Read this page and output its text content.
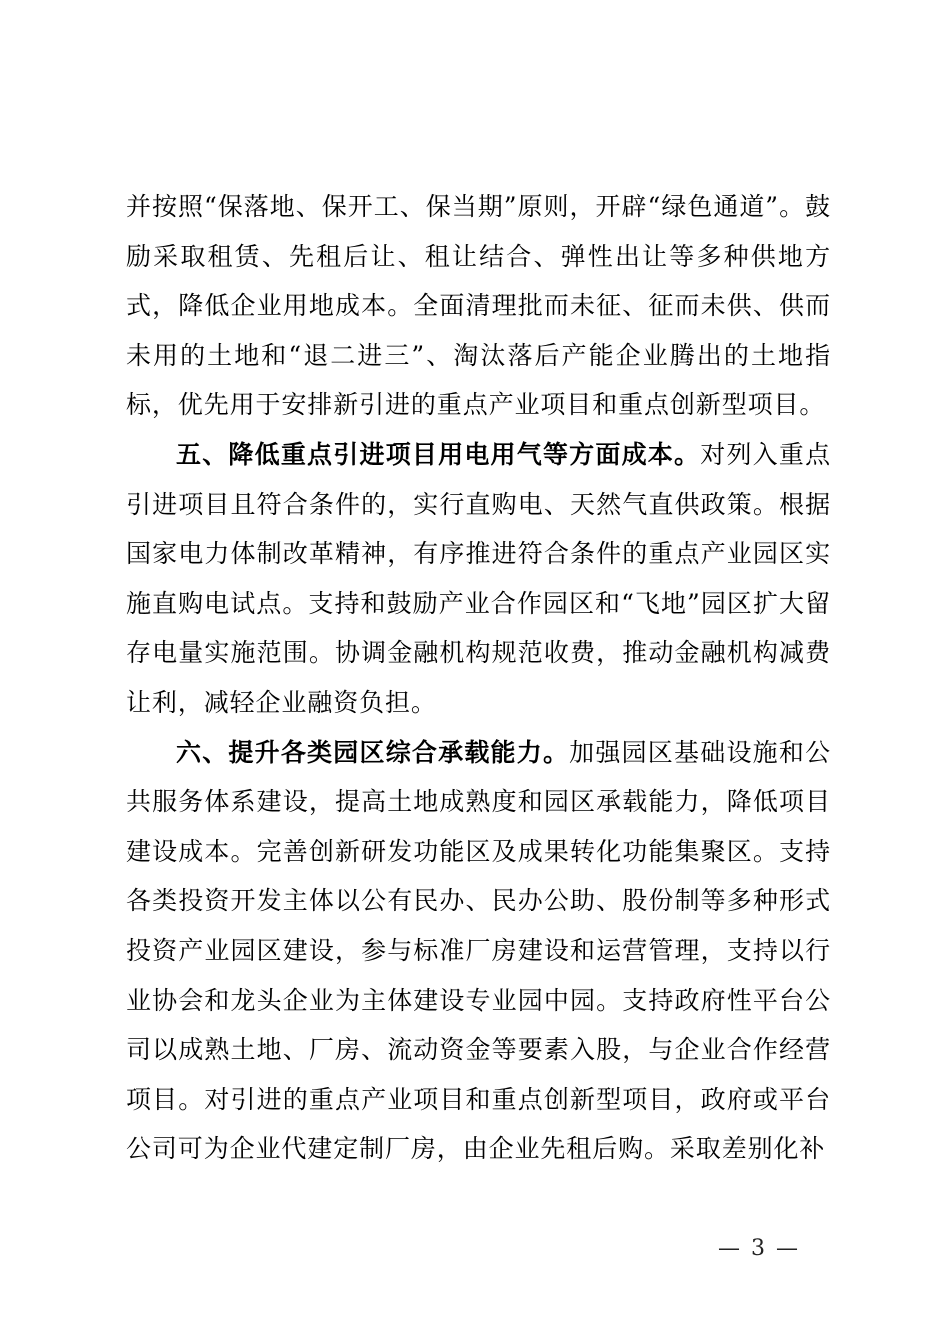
并按照“保落地、保开工、保当期”原则，开辟“绿色通道”。鼓励采取租赁、先租后让、租让结合、弹性出让等多种供地方式，降低企业用地成本。全面清理批而未征、征而未供、供而未用的土地和“退二进三”、淘汰落后产能企业腾出的土地指标，优先用于安排新引进的重点产业项目和重点创新型项目。

五、降低重点引进项目用电用气等方面成本。对列入重点引进项目且符合条件的，实行直购电、天然气直供政策。根据国家电力体制改革精神，有序推进符合条件的重点产业园区实施直购电试点。支持和鼓励产业合作园区和“飞地”园区扩大留存电量实施范围。协调金融机构规范收费，推动金融机构减费让利，减轻企业融资负担。

六、提升各类园区综合承载能力。加强园区基础设施和公共服务体系建设，提高土地成熟度和园区承载能力，降低项目建设成本。完善创新研发功能区及成果转化功能集聚区。支持各类投资开发主体以公有民办、民办公助、股份制等多种形式投资产业园区建设，参与标准厂房建设和运营管理，支持以行业协会和龙头企业为主体建设专业园中园。支持政府性平台公司以成熟土地、厂房、流动资金等要素入股，与企业合作经营项目。对引进的重点产业项目和重点创新型项目，政府或平台公司可为企业代建定制厂房，由企业先租后购。采取差别化补

— 3 —
